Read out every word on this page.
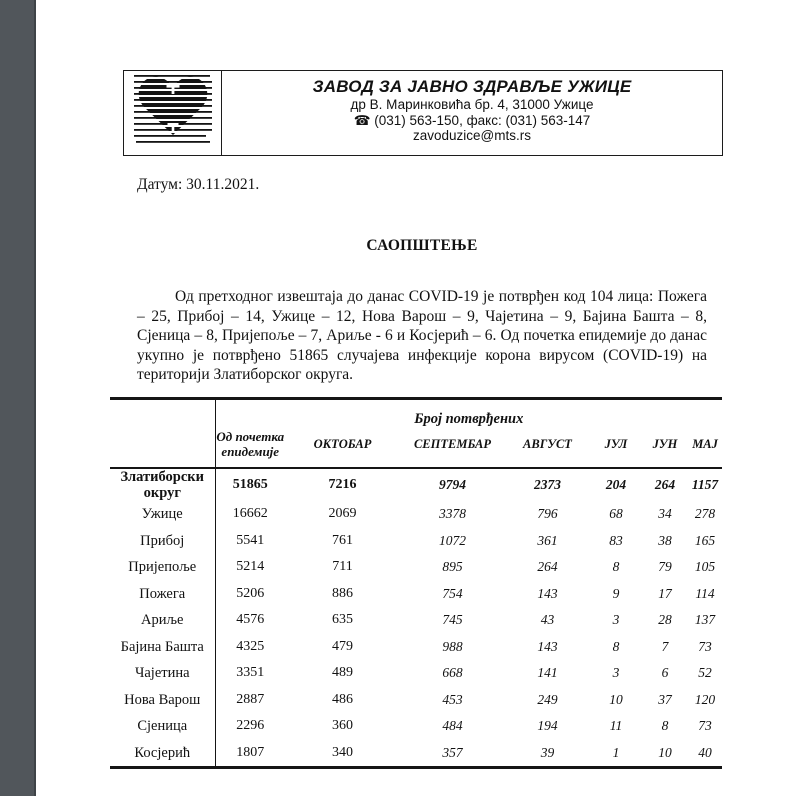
ЗАВОД ЗА ЈАВНО ЗДРАВЉЕ УЖИЦЕ
др В. Маринковића бр. 4, 31000 Ужице
☎ (031) 563-150, факс: (031) 563-147
zavoduzice@mts.rs
Датум: 30.11.2021.
САОПШТЕЊЕ
Од претходног извештаја до данас COVID-19 је потврђен код 104 лица: Пожега – 25, Прибој – 14, Ужице – 12, Нова Варош – 9, Чајетина – 9, Бајина Башта – 8, Сјеница – 8, Пријепоље – 7, Ариље - 6 и Косјерић – 6. Од почетка епидемије до данас укупно је потврђено 51865 случајева инфекције корона вирусом (COVID-19) на територији Златиборског округа.
	Број потврђених						
	Од почетка епидемије	ОКТОБАР	СЕПТЕМБАР	АВГУСТ	ЈУЛ	ЈУН	МАЈ
Златиборски округ	51865	7216	9794	2373	204	264	1157
Ужице	16662	2069	3378	796	68	34	278
Прибој	5541	761	1072	361	83	38	165
Пријепоље	5214	711	895	264	8	79	105
Пожега	5206	886	754	143	9	17	114
Ариље	4576	635	745	43	3	28	137
Бајина Башта	4325	479	988	143	8	7	73
Чајетина	3351	489	668	141	3	6	52
Нова Варош	2887	486	453	249	10	37	120
Сјеница	2296	360	484	194	11	8	73
Косјерић	1807	340	357	39	1	10	40
